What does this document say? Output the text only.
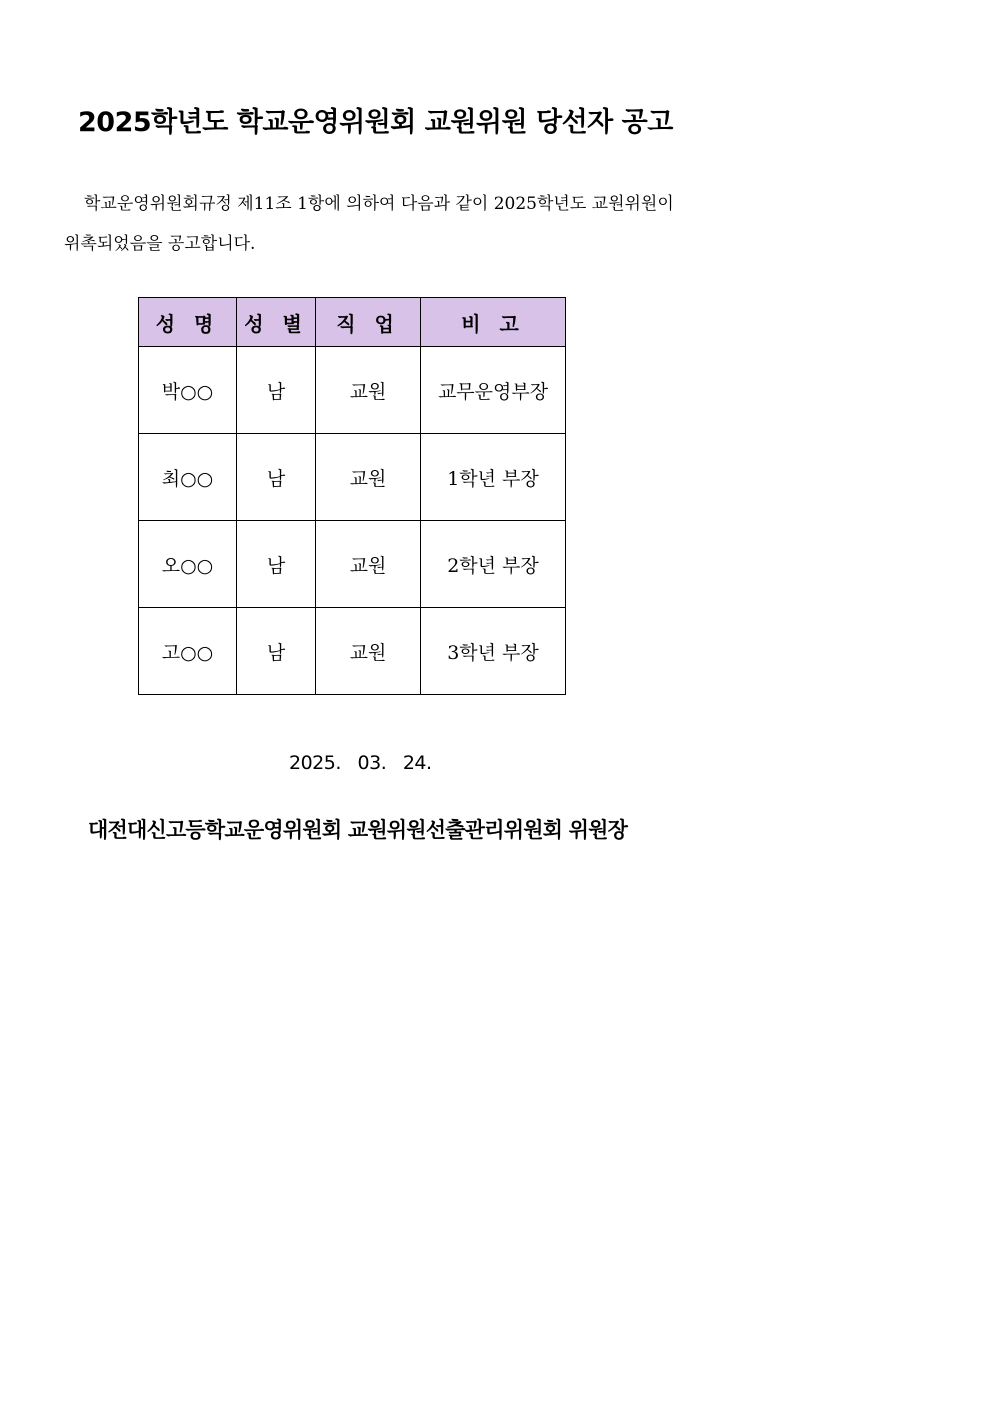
2025학년도 학교운영위원회 교원위원 당선자 공고
학교운영위원회규정 제11조 1항에 의하여 다음과 같이 2025학년도 교원위원이
위촉되었음을 공고합니다.
성 명	성 별	직 업	비 고
박○○	남	교원	교무운영부장
최○○	남	교원	1학년 부장
오○○	남	교원	2학년 부장
고○○	남	교원	3학년 부장
2025.   03.   24.
대전대신고등학교운영위원회 교원위원선출관리위원회 위원장
